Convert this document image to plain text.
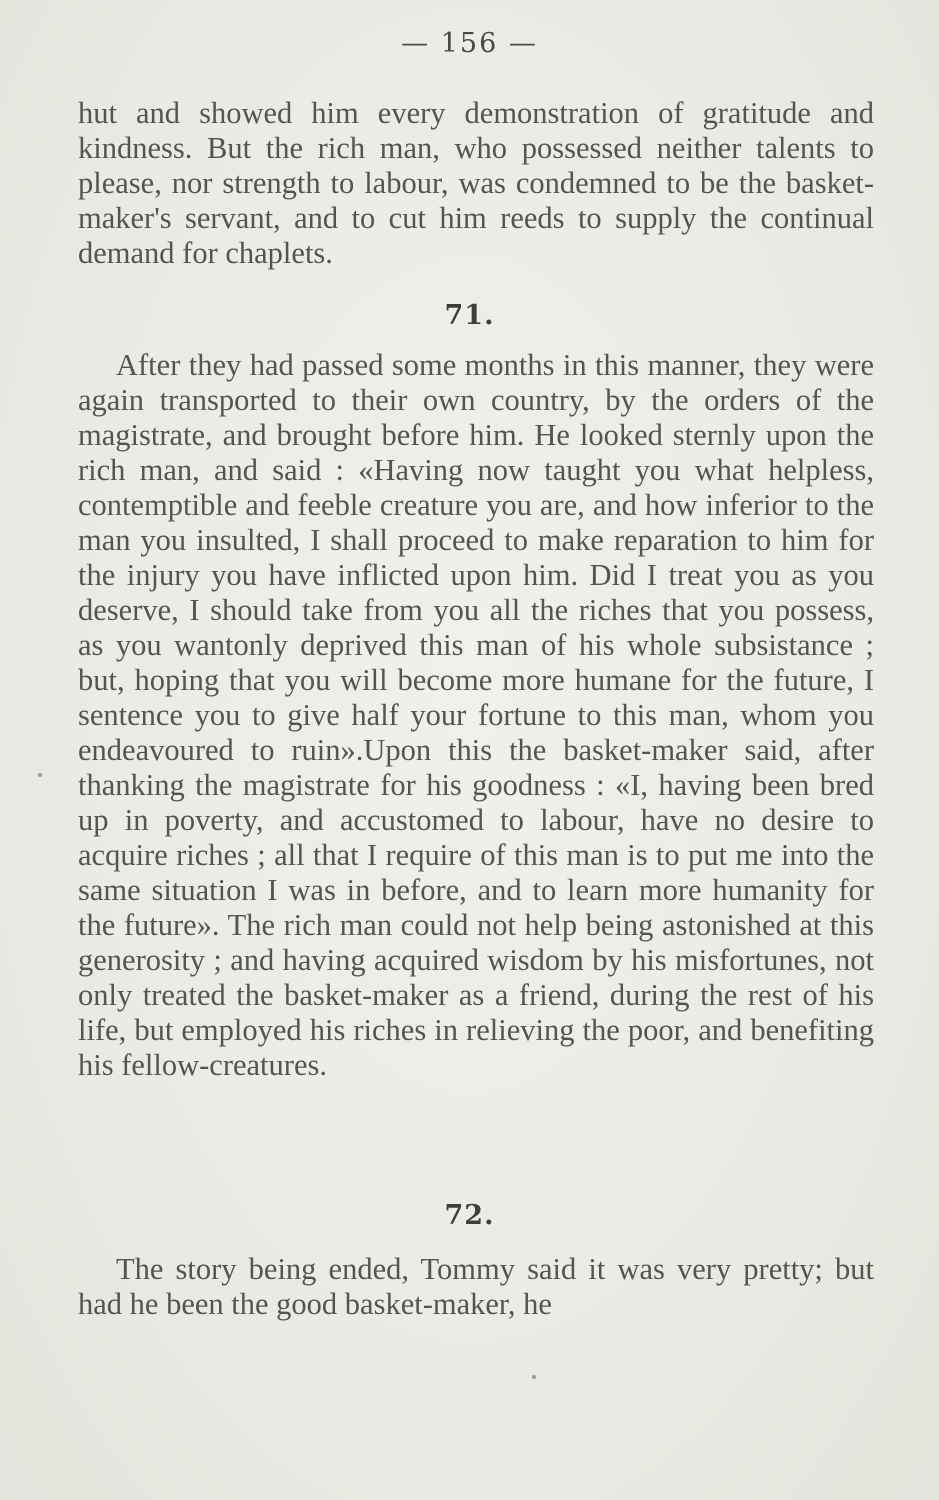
— 156 —
hut and showed him every demonstration of gratitude and kindness. But the rich man, who possessed neither talents to please, nor strength to labour, was condemned to be the basket-maker's servant, and to cut him reeds to supply the continual demand for chaplets.
71.
After they had passed some months in this manner, they were again transported to their own country, by the orders of the magistrate, and brought before him. He looked sternly upon the rich man, and said : «Having now taught you what helpless, contemptible and feeble creature you are, and how inferior to the man you insulted, I shall proceed to make reparation to him for the injury you have inflicted upon him. Did I treat you as you deserve, I should take from you all the riches that you possess, as you wantonly deprived this man of his whole subsistance ; but, hoping that you will become more humane for the future, I sentence you to give half your fortune to this man, whom you endeavoured to ruin».Upon this the basket-maker said, after thanking the magistrate for his goodness : «I, having been bred up in poverty, and accustomed to labour, have no desire to acquire riches ; all that I require of this man is to put me into the same situation I was in before, and to learn more humanity for the future». The rich man could not help being astonished at this generosity ; and having acquired wisdom by his misfortunes, not only treated the basket-maker as a friend, during the rest of his life, but employed his riches in relieving the poor, and benefiting his fellow-creatures.
72.
The story being ended, Tommy said it was very pretty; but had he been the good basket-maker, he
